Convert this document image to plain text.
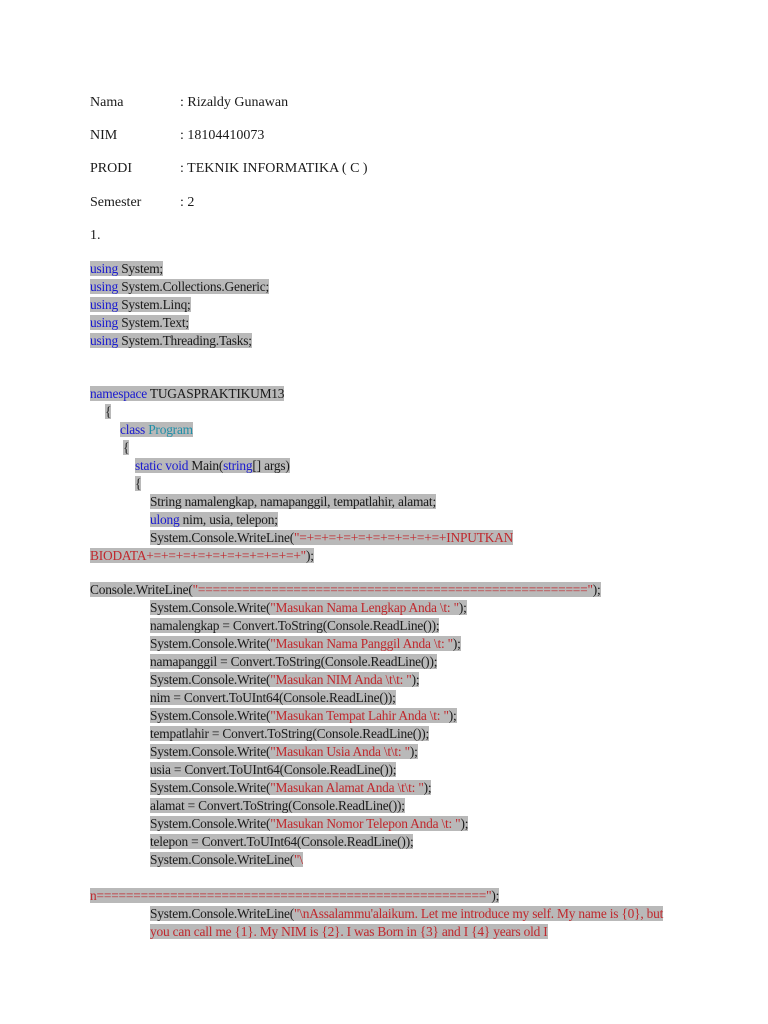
Nama	: Rizaldy Gunawan
NIM	: 18104410073
PRODI	: TEKNIK INFORMATIKA ( C )
Semester	: 2
1.
using System;
using System.Collections.Generic;
using System.Linq;
using System.Text;
using System.Threading.Tasks;
namespace TUGASPRAKTIKUM13
{
class Program
{
static void Main(string[] args)
{
String namalengkap, namapanggil, tempatlahir, alamat;
ulong nim, usia, telepon;
System.Console.WriteLine("=+=+=+=+=+=+=+=+=+=+INPUTKAN
BIODATA+=+=+=+=+=+=+=+=+=+=+");
Console.WriteLine("=====================================================");
System.Console.Write("Masukan Nama Lengkap Anda \t: ");
namalengkap = Convert.ToString(Console.ReadLine());
System.Console.Write("Masukan Nama Panggil Anda \t: ");
namapanggil = Convert.ToString(Console.ReadLine());
System.Console.Write("Masukan NIM Anda \t\t: ");
nim = Convert.ToUInt64(Console.ReadLine());
System.Console.Write("Masukan Tempat Lahir Anda \t: ");
tempatlahir = Convert.ToString(Console.ReadLine());
System.Console.Write("Masukan Usia Anda \t\t: ");
usia = Convert.ToUInt64(Console.ReadLine());
System.Console.Write("Masukan Alamat Anda \t\t: ");
alamat = Convert.ToString(Console.ReadLine());
System.Console.Write("Masukan Nomor Telepon Anda \t: ");
telepon = Convert.ToUInt64(Console.ReadLine());
System.Console.WriteLine("\
n=====================================================");
System.Console.WriteLine("\nAssalammu'alaikum. Let me introduce my self. My name is {0}, but you can call me {1}. My NIM is {2}. I was Born in {3} and I {4} years old I
